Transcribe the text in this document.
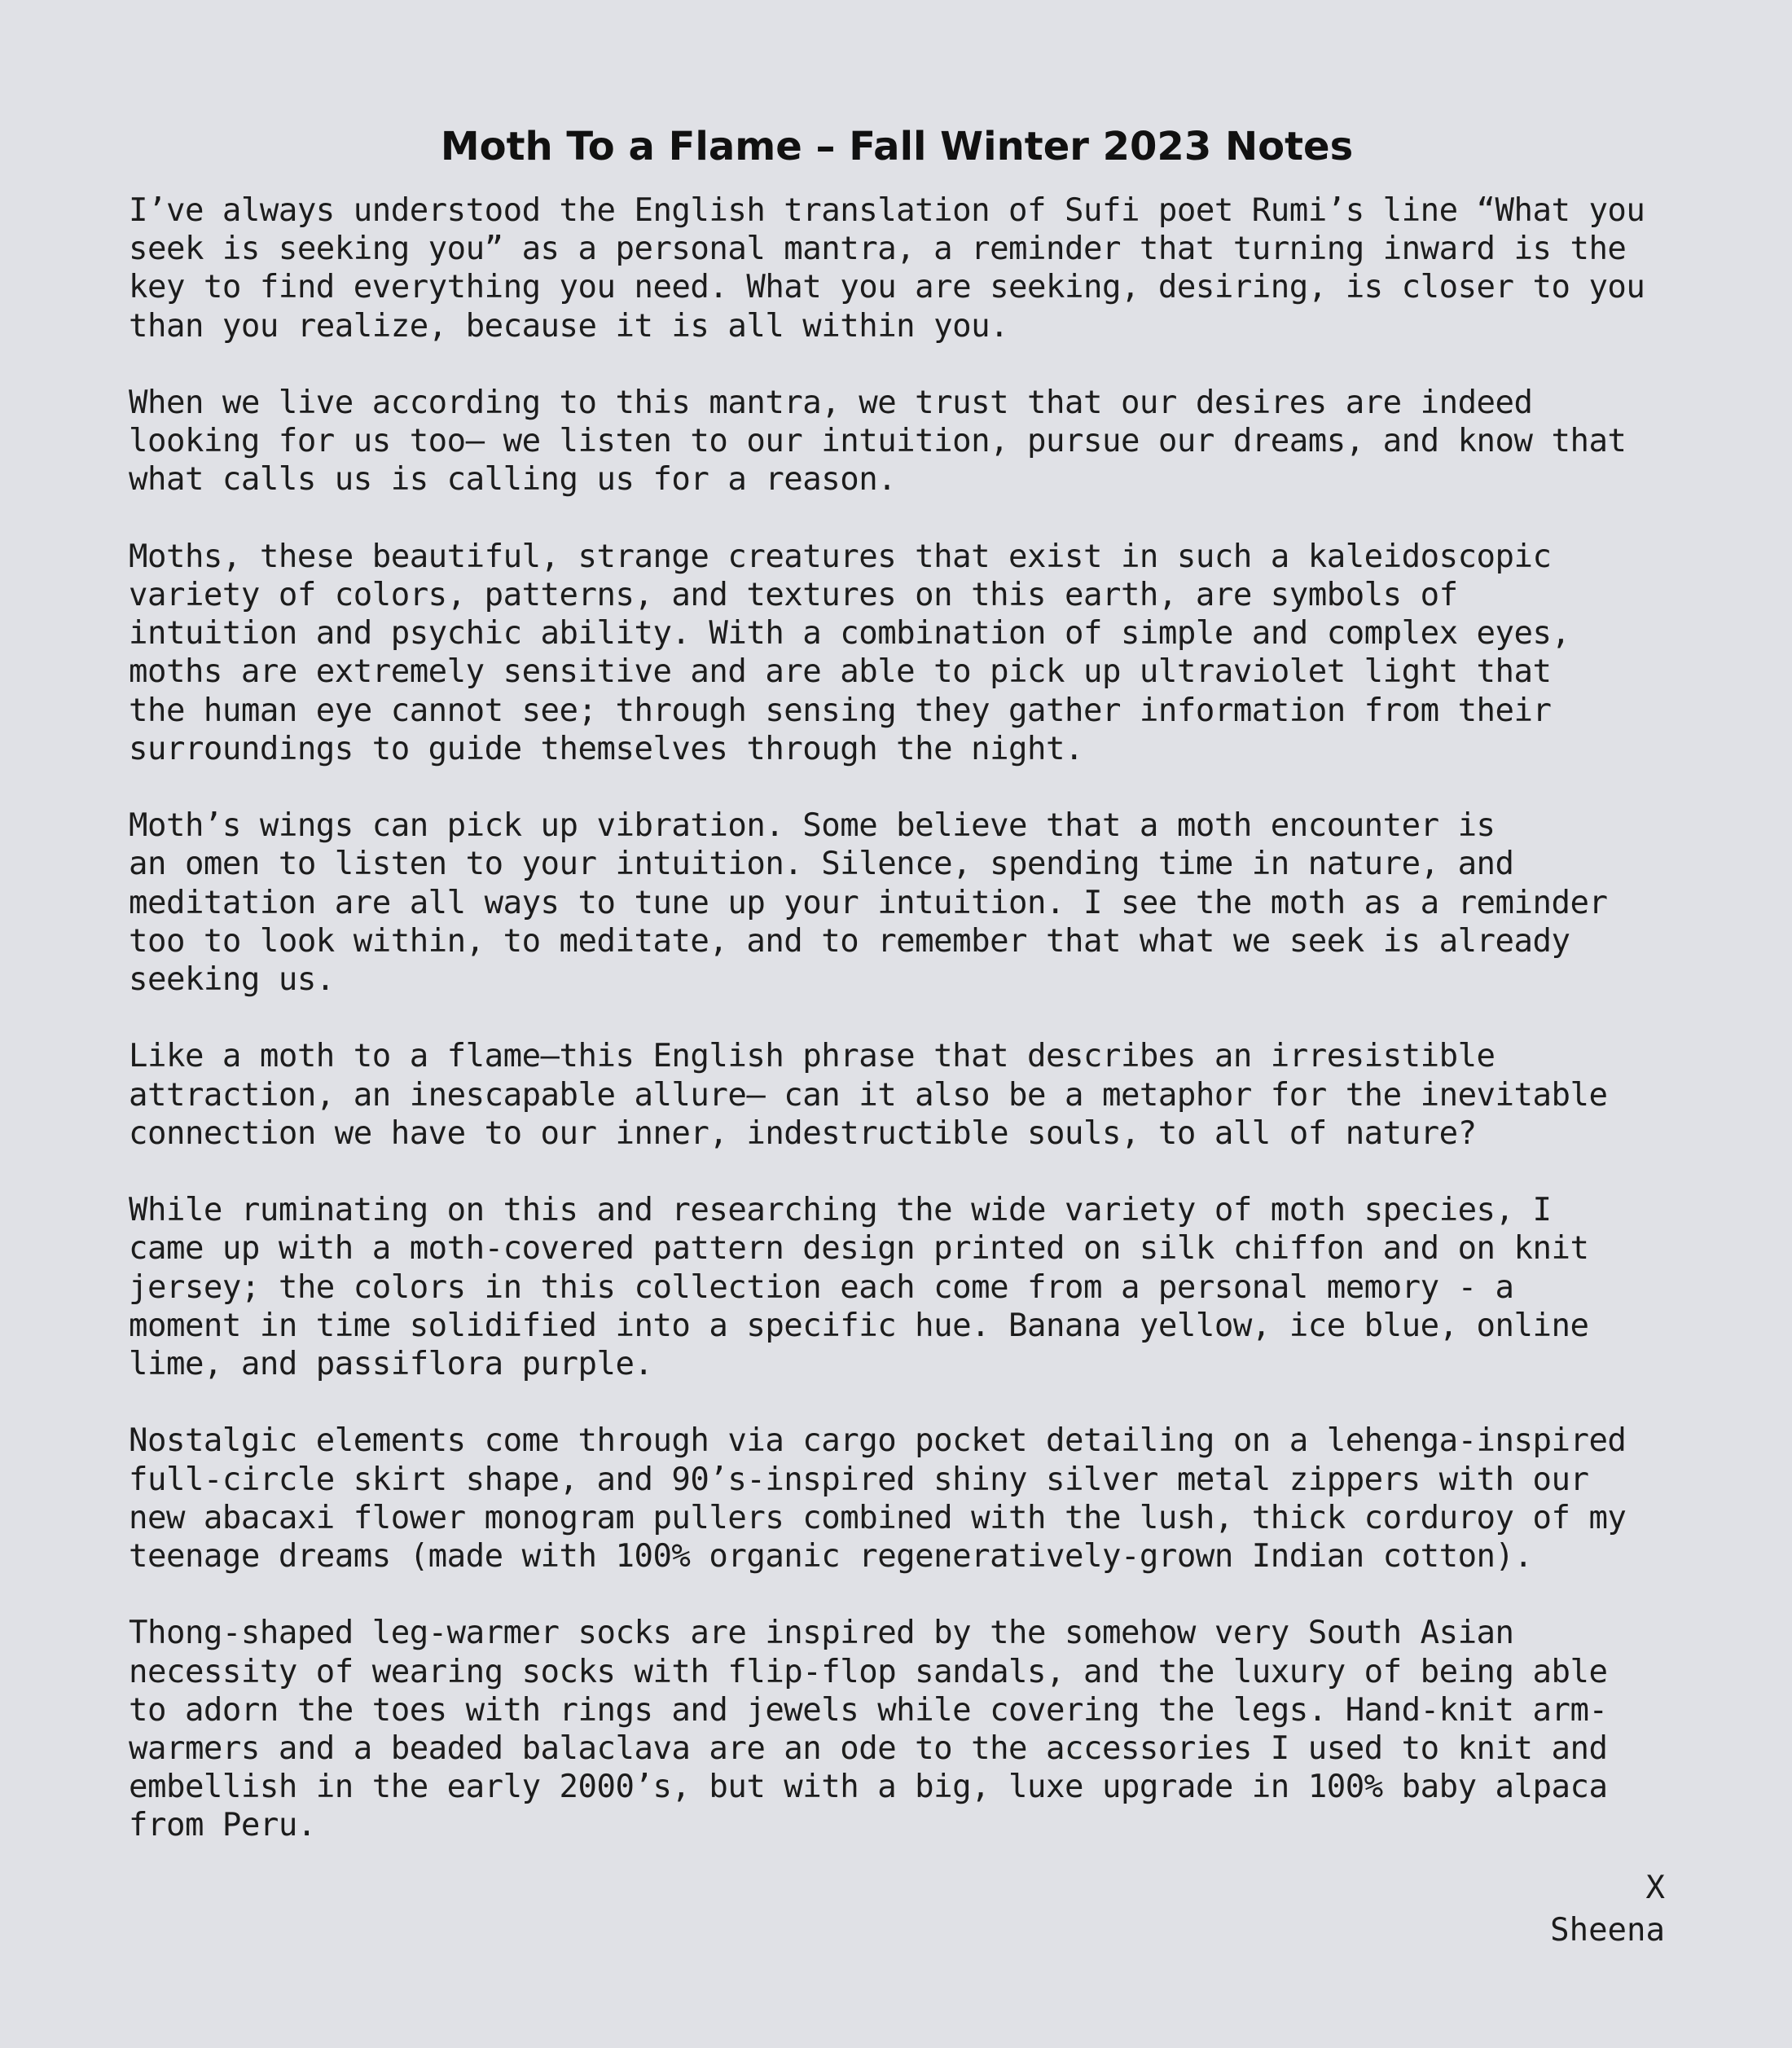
Moth To a Flame – Fall Winter 2023 Notes

I’ve always understood the English translation of Sufi poet Rumi’s line “What you
seek is seeking you” as a personal mantra, a reminder that turning inward is the
key to find everything you need. What you are seeking, desiring, is closer to you
than you realize, because it is all within you.

When we live according to this mantra, we trust that our desires are indeed
looking for us too— we listen to our intuition, pursue our dreams, and know that
what calls us is calling us for a reason.

Moths, these beautiful, strange creatures that exist in such a kaleidoscopic
variety of colors, patterns, and textures on this earth, are symbols of
intuition and psychic ability. With a combination of simple and complex eyes,
moths are extremely sensitive and are able to pick up ultraviolet light that
the human eye cannot see; through sensing they gather information from their
surroundings to guide themselves through the night.

Moth’s wings can pick up vibration. Some believe that a moth encounter is
an omen to listen to your intuition. Silence, spending time in nature, and
meditation are all ways to tune up your intuition. I see the moth as a reminder
too to look within, to meditate, and to remember that what we seek is already
seeking us.

Like a moth to a flame—this English phrase that describes an irresistible
attraction, an inescapable allure— can it also be a metaphor for the inevitable
connection we have to our inner, indestructible souls, to all of nature?

While ruminating on this and researching the wide variety of moth species, I
came up with a moth-covered pattern design printed on silk chiffon and on knit
jersey; the colors in this collection each come from a personal memory - a
moment in time solidified into a specific hue. Banana yellow, ice blue, online
lime, and passiflora purple.

Nostalgic elements come through via cargo pocket detailing on a lehenga-inspired
full-circle skirt shape, and 90’s-inspired shiny silver metal zippers with our
new abacaxi flower monogram pullers combined with the lush, thick corduroy of my
teenage dreams (made with 100% organic regeneratively-grown Indian cotton).

Thong-shaped leg-warmer socks are inspired by the somehow very South Asian
necessity of wearing socks with flip-flop sandals, and the luxury of being able
to adorn the toes with rings and jewels while covering the legs. Hand-knit arm-
warmers and a beaded balaclava are an ode to the accessories I used to knit and
embellish in the early 2000’s, but with a big, luxe upgrade in 100% baby alpaca
from Peru.

X
Sheena
